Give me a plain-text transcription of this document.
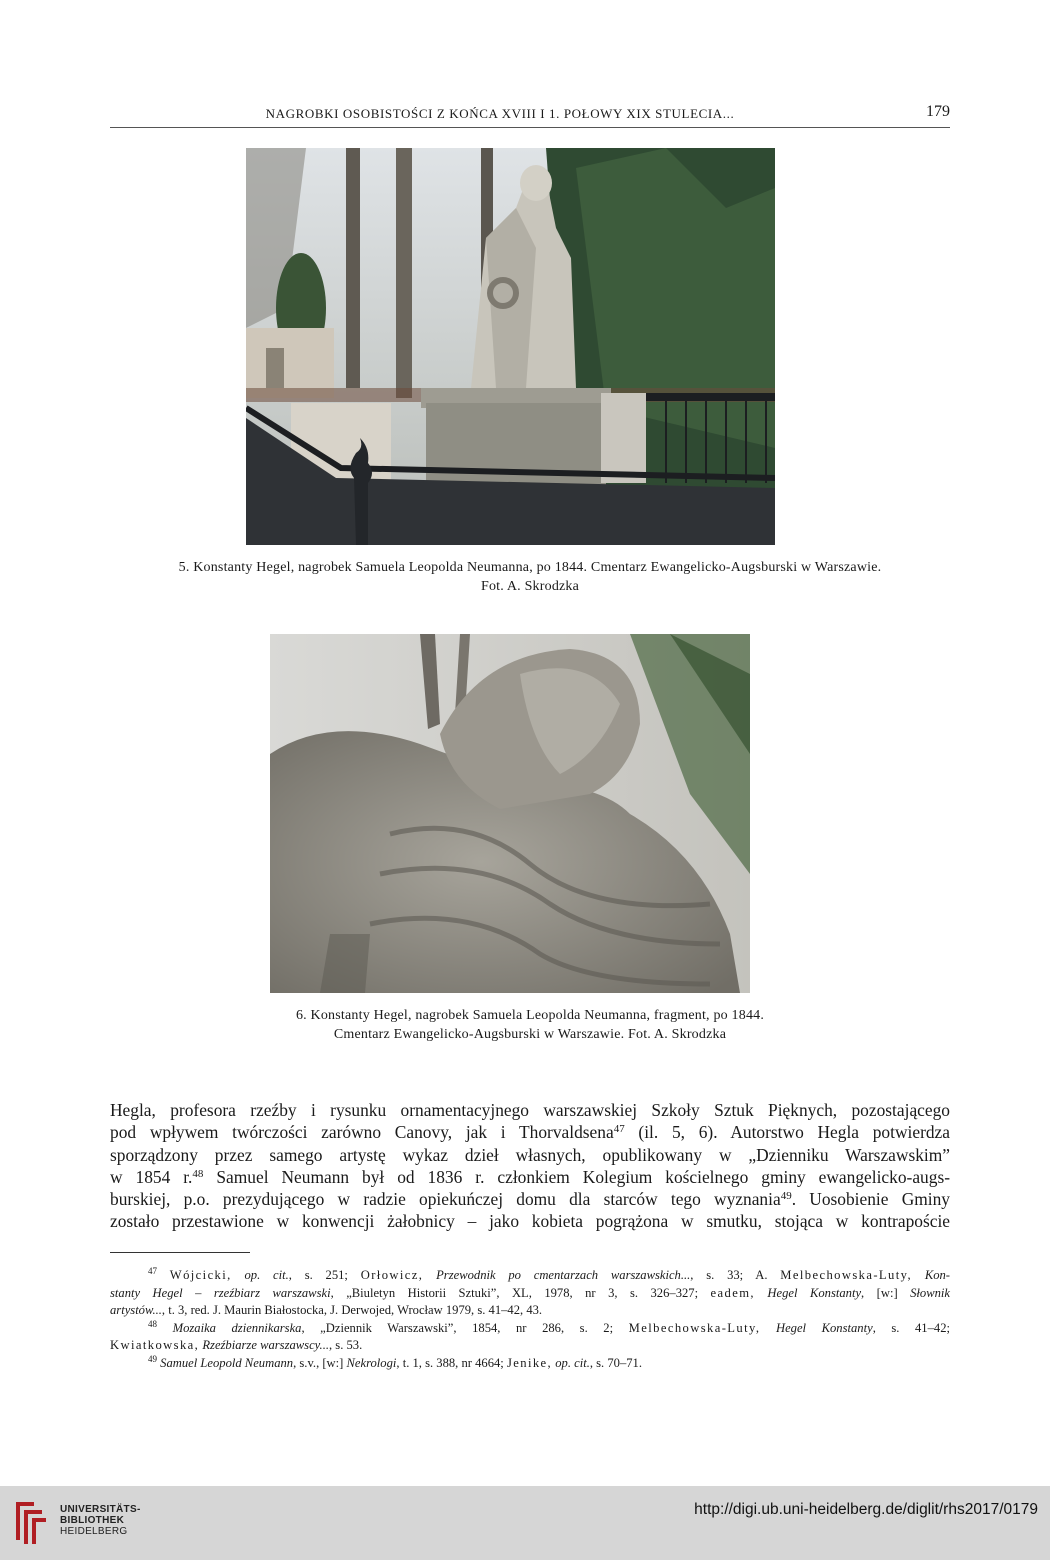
NAGROBKI OSOBISTOŚCI Z KOŃCA XVIII I 1. POŁOWY XIX STULECIA...	179
5. Konstanty Hegel, nagrobek Samuela Leopolda Neumanna, po 1844. Cmentarz Ewangelicko-Augsburski w Warszawie.
Fot. A. Skrodzka
6. Konstanty Hegel, nagrobek Samuela Leopolda Neumanna, fragment, po 1844.
Cmentarz Ewangelicko-Augsburski w Warszawie. Fot. A. Skrodzka
Hegla, profesora rzeźby i rysunku ornamentacyjnego warszawskiej Szkoły Sztuk Pięknych, pozostającego
pod wpływem twórczości zarówno Canovy, jak i Thorvaldsena$^{47}$ (il. 5, 6). Autorstwo Hegla potwierdza
sporządzony przez samego artystę wykaz dzieł własnych, opublikowany w „Dzienniku Warszawskim”
w 1854 r.$^{48}$ Samuel Neumann był od 1836 r. członkiem Kolegium kościelnego gminy ewangelicko-augs-
burskiej, p.o. prezydującego w radzie opiekuńczej domu dla starców tego wyznania$^{49}$. Uosobienie Gminy
zostało przestawione w konwencji żałobnicy – jako kobieta pogrążona w smutku, stojąca w kontrapoście
$^{47}$ Wójcicki, op. cit., s. 251; Orłowicz, Przewodnik po cmentarzach warszawskich..., s. 33; A. Melbechowska-Luty, Kon-
stanty Hegel – rzeźbiarz warszawski, „Biuletyn Historii Sztuki”, XL, 1978, nr 3, s. 326–327; eadem, Hegel Konstanty, [w:] Słownik
artystów..., t. 3, red. J. Maurin Białostocka, J. Derwojed, Wrocław 1979, s. 41–42, 43.
$^{48}$ Mozaika dziennikarska, „Dziennik Warszawski”, 1854, nr 286, s. 2; Melbechowska-Luty, Hegel Konstanty, s. 41–42;
Kwiatkowska, Rzeźbiarze warszawscy..., s. 53.
$^{49}$ Samuel Leopold Neumann, s.v., [w:] Nekrologi, t. 1, s. 388, nr 4664; Jenike, op. cit., s. 70–71.
UNIVERSITÄTS-
BIBLIOTHEK
HEIDELBERG
http://digi.ub.uni-heidelberg.de/diglit/rhs2017/0179
